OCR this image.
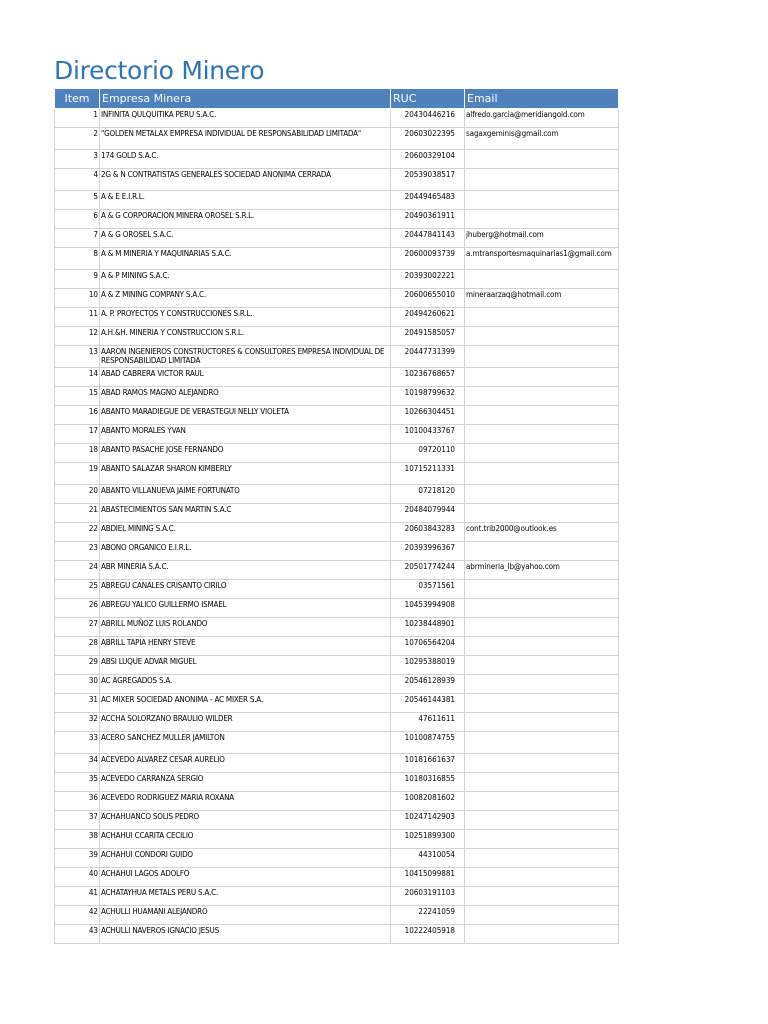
Directorio Minero
Item	Empresa Minera	RUC	Email
1	INFINITA QULQUITIKA PERU S.A.C.	20430446216	alfredo.garcia@meridiangold.com
2	"GOLDEN METALAX EMPRESA INDIVIDUAL DE RESPONSABILIDAD LIMITADA"	20603022395	sagaxgeminis@gmail.com
3	174 GOLD S.A.C.	20600329104	
4	2G & N CONTRATISTAS GENERALES SOCIEDAD ANONIMA CERRADA	20539038517	
5	A & E E.I.R.L.	20449465483	
6	A & G CORPORACION MINERA OROSEL S.R.L.	20490361911	
7	A & G OROSEL S.A.C.	20447841143	jhuberg@hotmail.com
8	A & M MINERIA Y MAQUINARIAS S.A.C.	20600093739	a.mtransportesmaquinarias1@gmail.com
9	A & P MINING S.A.C.	20393002221	
10	A & Z MINING COMPANY S.A.C.	20600655010	mineraarzaq@hotmail.com
11	A. P. PROYECTOS Y CONSTRUCCIONES S.R.L.	20494260621	
12	A.H.&H. MINERIA Y CONSTRUCCION S.R.L.	20491585057	
13	AARON INGENIEROS CONSTRUCTORES & CONSULTORES EMPRESA INDIVIDUAL DE RESPONSABILIDAD LIMITADA	20447731399	
14	ABAD CABRERA VICTOR RAUL	10236768657	
15	ABAD RAMOS MAGNO ALEJANDRO	10198799632	
16	ABANTO MARADIEGUE DE VERASTEGUI NELLY VIOLETA	10266304451	
17	ABANTO MORALES YVAN	10100433767	
18	ABANTO PASACHE JOSE FERNANDO	09720110	
19	ABANTO SALAZAR SHARON KIMBERLY	10715211331	
20	ABANTO VILLANUEVA JAIME FORTUNATO	07218120	
21	ABASTECIMIENTOS SAN MARTIN S.A.C	20484079944	
22	ABDIEL MINING S.A.C.	20603843283	cont.trib2000@outlook.es
23	ABONO ORGANICO E.I.R.L.	20393996367	
24	ABR MINERIA S.A.C.	20501774244	abrmineria_lb@yahoo.com
25	ABREGU CANALES CRISANTO CIRILO	03571561	
26	ABREGU YALICO GUILLERMO ISMAEL	10453994908	
27	ABRILL MUÑOZ LUIS ROLANDO	10238448901	
28	ABRILL TAPIA HENRY STEVE	10706564204	
29	ABSI LUQUE ADVAR MIGUEL	10295388019	
30	AC AGREGADOS S.A.	20546128939	
31	AC MIXER SOCIEDAD ANONIMA - AC MIXER S.A.	20546144381	
32	ACCHA SOLORZANO BRAULIO WILDER	47611611	
33	ACERO SANCHEZ MULLER JAMILTON	10100874755	
34	ACEVEDO ALVAREZ CESAR AURELIO	10181661637	
35	ACEVEDO CARRANZA SERGIO	10180316855	
36	ACEVEDO RODRIGUEZ MARIA ROXANA	10082081602	
37	ACHAHUANCO SOLIS PEDRO	10247142903	
38	ACHAHUI CCARITA CECILIO	10251899300	
39	ACHAHUI CONDORI GUIDO	44310054	
40	ACHAHUI LAGOS ADOLFO	10415099881	
41	ACHATAYHUA METALS PERU S.A.C.	20603191103	
42	ACHULLI HUAMANI ALEJANDRO	22241059	
43	ACHULLI NAVEROS IGNACIO JESUS	10222405918	
